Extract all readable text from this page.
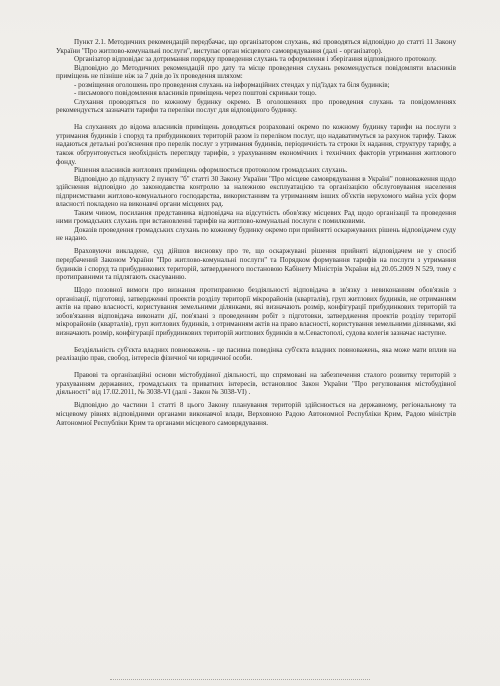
Пункт 2.1. Методичних рекомендацій передбачає, що організатором слухань, які проводяться відповідно до статті 11 Закону України "Про житлово-комунальні послуги", виступає орган місцевого самоврядування (далі - організатор).

Організатор відповідає за дотримання порядку проведення слухань та оформлення і зберігання відповідного протоколу.

Відповідно до Методичних рекомендацій про дату та місце проведення слухань рекомендується повідомляти власників приміщень не пізніше ніж за 7 днів до їх проведення шляхом:

- розміщення оголошень про проведення слухань на інформаційних стендах у під'їздах та біля будинків;

- письмового повідомлення власників приміщень через поштові скриньки тощо.

Слухання проводяться по кожному будинку окремо. В оголошеннях про проведення слухань та повідомленнях рекомендується зазначати тарифи та переліки послуг для відповідного будинку.

На слуханнях до відома власників приміщень доводяться розраховані окремо по кожному будинку тарифи на послуги з утримання будинків і споруд та прибудинкових територій разом із переліком послуг, що надаватимуться за рахунок тарифу. Також надаються детальні роз'яснення про перелік послуг з утримання будинків, періодичність та строки їх надання, структуру тарифу, а також обґрунтовується необхідність перегляду тарифів, з урахуванням економічних і технічних факторів утримання житлового фонду.

Рішення власників житлових приміщень оформлюється протоколом громадських слухань.

Відповідно до підпункту 2 пункту "б" статті 30 Закону України "Про місцеве самоврядування в Україні" повноваження щодо здійснення відповідно до законодавства контролю за належною експлуатацією та організацією обслуговування населення підприємствами житлово-комунального господарства, використанням та утриманням інших об'єктів нерухомого майна усіх форм власності покладено на виконавчі органи місцевих рад.

Таким чином, посилання представника відповідача на відсутність обов'язку місцевих Рад щодо організації та проведення ними громадських слухань при встановленні тарифів на житлово-комунальні послуги є помилковими.

Доказів проведення громадських слухань по кожному будинку окремо при прийнятті оскаржуваних рішень відповідачем суду не надано.

Враховуючи викладене, суд дійшов висновку про те, що оскаржувані рішення прийняті відповідачем не у спосіб передбачений Законом України "Про житлово-комунальні послуги" та Порядком формування тарифів на послуги з утримання будинків і споруд та прибудинкових територій, затвердженого постановою Кабінету Міністрів України від 20.05.2009 N 529, тому є протиправними та підлягають скасуванню.

Щодо позовної вимоги про визнання протиправною бездіяльності відповідача в зв'язку з невиконанням обов'язків з організації, підготовці, затвердженні проектів розділу території мікрорайонів (кварталів), груп житлових будинків, не отриманням актів на право власності, користування земельними ділянками, які визначають розмір, конфігурації прибудинкових територій та зобов'язання відповідача виконати дії, пов'язані з проведенням робіт з підготовки, затвердження проектів розділу території мікрорайонів (кварталів), груп житлових будинків, з отриманням актів на право власності, користування земельними ділянками, які визначають розмір, конфігурації прибудинкових територій житлових будинків в м.Севастополі, судова колегія зазначає наступне.

Бездіяльність суб'єкта владних повноважень - це пасивна поведінка суб'єкта владних повноважень, яка може мати вплив на реалізацію прав, свобод, інтересів фізичної чи юридичної особи.

Правові та організаційні основи містобудівної діяльності, що спрямовані на забезпечення сталого розвитку територій з урахуванням державних, громадських та приватних інтересів, встановлює Закон України "Про регулювання містобудівної діяльності" від 17.02.2011, № 3038-VI (далі - Закон № 3038-VI) .

Відповідно до частини 1 статті 8 цього Закону планування територій здійснюється на державному, регіональному та місцевому рівнях відповідними органами виконавчої влади, Верховною Радою Автономної Республіки Крим, Радою міністрів Автономної Республіки Крим та органами місцевого самоврядування.
